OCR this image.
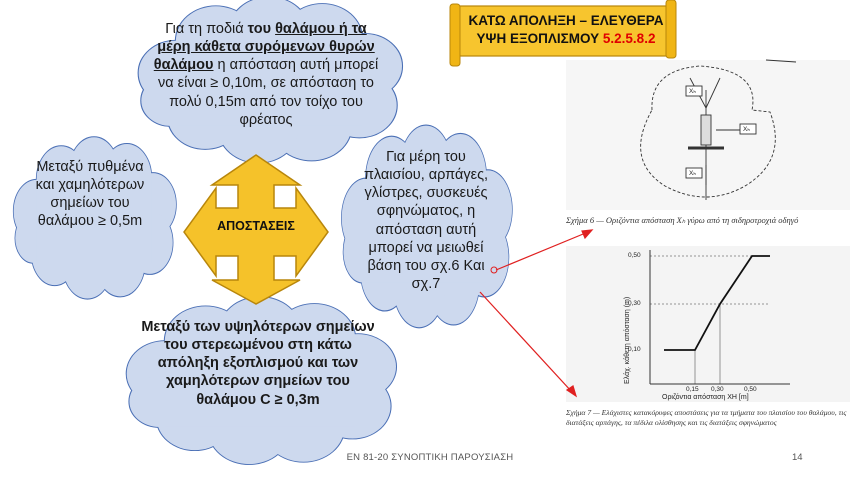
Για τη ποδιά του θαλάμου ή τα μέρη κάθετα συρόμενων θυρών θαλάμου η απόσταση αυτή μπορεί να είναι ≥ 0,10m, σε απόσταση το πολύ 0,15m από τον τοίχο του φρέατος
Μεταξύ πυθμένα και χαμηλότερων σημείων του θαλάμου ≥ 0,5m
Για μέρη του πλαισίου, αρπάγες, γλίστρες, συσκευές σφηνώματος, η απόσταση αυτή μπορεί να μειωθεί βάση του σχ.6 Και σχ.7
Μεταξύ των υψηλότερων σημείων του στερεωμένου στη κάτω απόληξη εξοπλισμού και των χαμηλότερων σημείων του θαλάμου C ≥ 0,3m
ΑΠΟΣΤΑΣΕΙΣ
ΚΑΤΩ ΑΠΟΛΗΞΗ – ΕΛΕΥΘΕΡΑ
ΥΨΗ ΕΞΟΠΛΙΣΜΟΥ 5.2.5.8.2
Xₕ
Xₕ
Xₕ
Σχήμα 6 — Οριζόντια απόσταση Xₕ γύρω από τη σιδηροτροχιά οδηγό
Ελάχ. κάθετη απόσταση (m)
0,50
0,30
0,10
0,15 0,30	0,50
Οριζόντια απόσταση XH [m]
Σχήμα 7 — Ελάχιστες κατακόρυφες αποστάσεις για τα τμήματα του πλαισίου του θαλάμου, τις διατάξεις αρπάγης, τα πέδιλα ολίσθησης και τις διατάξεις σφηνώματος
ΕΝ 81-20 ΣΥΝΟΠΤΙΚΗ ΠΑΡΟΥΣΙΑΣΗ	14
